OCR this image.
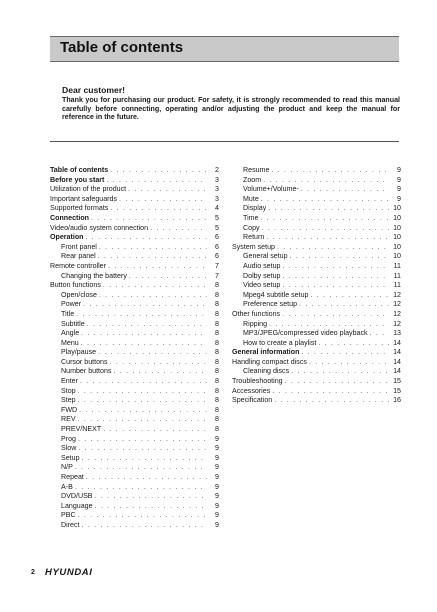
Table of contents
Dear customer!
Thank you for purchasing our product. For safety, it is strongly recommended to read this manual carefully before connecting, operating and/or adjusting the product and keep the manual for reference in the future.
Table of contents . . .	2
Before you start . . .	3
Utilization of the product . . .	3
Important safeguards . . .	3
Supported formats . . .	4
Connection . . .	5
Video/audio system connection . . .	5
Operation . . .	6
Front panel . . .	6
Rear panel . . .	6
Remote controller . . .	7
Changing the battery . . .	7
Button functions . . .	8
Open/close . . .	8
Power . . .	8
Title . . .	8
Subtitle . . .	8
Angle . . .	8
Menu . . .	8
Play/pause . . .	8
Cursor buttons . . .	8
Number buttons . . .	8
Enter . . .	8
Stop . . .	8
Step . . .	8
FWD . . .	8
REV . . .	8
PREV/NEXT . . .	8
Prog . . .	9
Slow . . .	9
Setup . . .	9
N/P . . .	9
Repeat . . .	9
A-B . . .	9
DVD/USB . . .	9
Language . . .	9
PBC . . .	9
Direct . . .	9
Resume . . .	9
Zoom . . .	9
Volume+/Volume- . . .	9
Mute . . .	9
Display . . .	10
Time . . .	10
Copy . . .	10
Return . . .	10
System setup . . .	10
General setup . . .	10
Audio setup . . .	11
Dolby setup . . .	11
Video setup . . .	11
Mpeg4 subtitle setup . . .	12
Preference setup . . .	12
Other functions . . .	12
Ripping . . .	12
MP3/JPEG/compressed video playback . . .	13
How to create a playlist . . .	14
General information . . .	14
Handling compact discs . . .	14
Cleaning discs . . .	14
Troubleshooting . . .	15
Accessories . . .	15
Specification . . .	16
2 HYUNDAI
